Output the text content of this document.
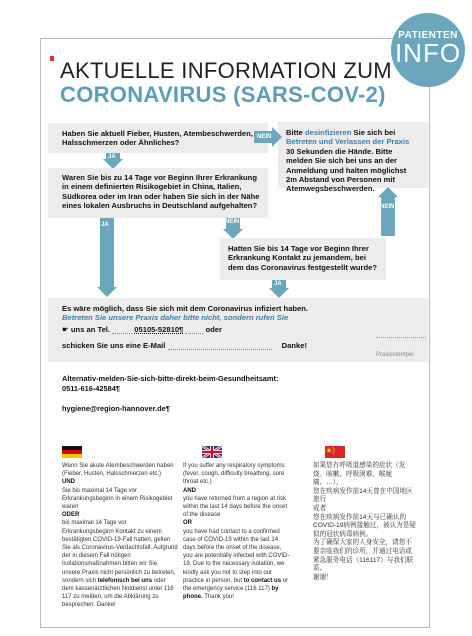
PATIENTEN
INFO
AKTUELLE INFORMATION ZUM
CORONAVIRUS (SARS-COV-2)
Haben Sie aktuell Fieber, Husten, Atembeschwerden,
Halsschmerzen oder Ähnliches?
Bitte desinfizieren Sie sich bei
Betreten und Verlassen der Praxis
30 Sekunden die Hände. Bitte
melden Sie sich bei uns an der
Anmeldung und halten möglichst
2m Abstand von Personen mit
Atemwegsbeschwerden.
NEIN
JA
Waren Sie bis zu 14 Tage vor Beginn Ihrer Erkrankung
in einem definierten Risikogebiet in China, Italien,
Südkorea oder im Iran oder haben Sie sich in der Nähe
eines lokalen Ausbruchs in Deutschland aufgehalten?
NEIN
JA
NEIN
Hatten Sie bis 14 Tage vor Beginn Ihrer
Erkrankung Kontakt zu jemandem, bei
dem das Coronavirus festgestellt wurde?
JA
Es wäre möglich, dass Sie sich mit dem Coronavirus infiziert haben.
Betreten Sie unsere Praxis daher bitte nicht, sondern rufen Sie
☛ uns an Tel.	05105-52810¶	oder
schicken Sie uns eine E-Mail	Danke!
Praxisstempel
Alternativ-melden-Sie-sich-bitte-direkt-beim-Gesundheitsamt:
0511-616-42584¶
hygiene@region-hannover.de¶
Wenn Sie akute Atembeschwerden haben (Fieber, Husten, Halsschmerzen etc.)
UND
Sie bis maximal 14 Tage vor Erkrankungsbeginn in einem Risikogebiet waren
ODER
bis maximal 14 Tage vor Erkrankungsbeginn Kontakt zu einem bestätigten COVID-19-Fall hatten, gelten Sie als Coronavirus-Verdachtsfall. Aufgrund der in diesem Fall nötigen Isolationsmaßnahmen bitten wir Sie, unsere Praxis nicht persönlich zu betreten, sondern sich telefonisch bei uns oder dem kassenärztlichen Notdienst unter 116 117 zu melden, um die Abklärung zu besprechen. Danke!
If you suffer any respiratory symptoms (fever, cough, difficulty breathing, sore throat etc.)
AND
you have returned from a region at risk within the last 14 days before the onset of the disease
OR
you have had contact to a confirmed case of COVID-19 within the last 14 days before the onset of the disease, you are potentially infected with COVID-19. Due to the necessary isolation, we kindly ask you not to step into our practice in person, but to contact us or the emergency service (116 117) by phone. Thank you!
如果您有呼吸道感染的症状（发烧、咳嗽、呼吸困难、喉咙痛、…），
您在疾病发作前14天曾在中国地区旅行
或者
您在疾病发作前14天与已确认的COVID-19病例接触过，被认为是疑似的冠状病毒病例。
为了确保大家的人身安全，请您不要亲临我们的诊所，并通过电话或紧急服务电话（116117）与我们联系。
谢谢！
